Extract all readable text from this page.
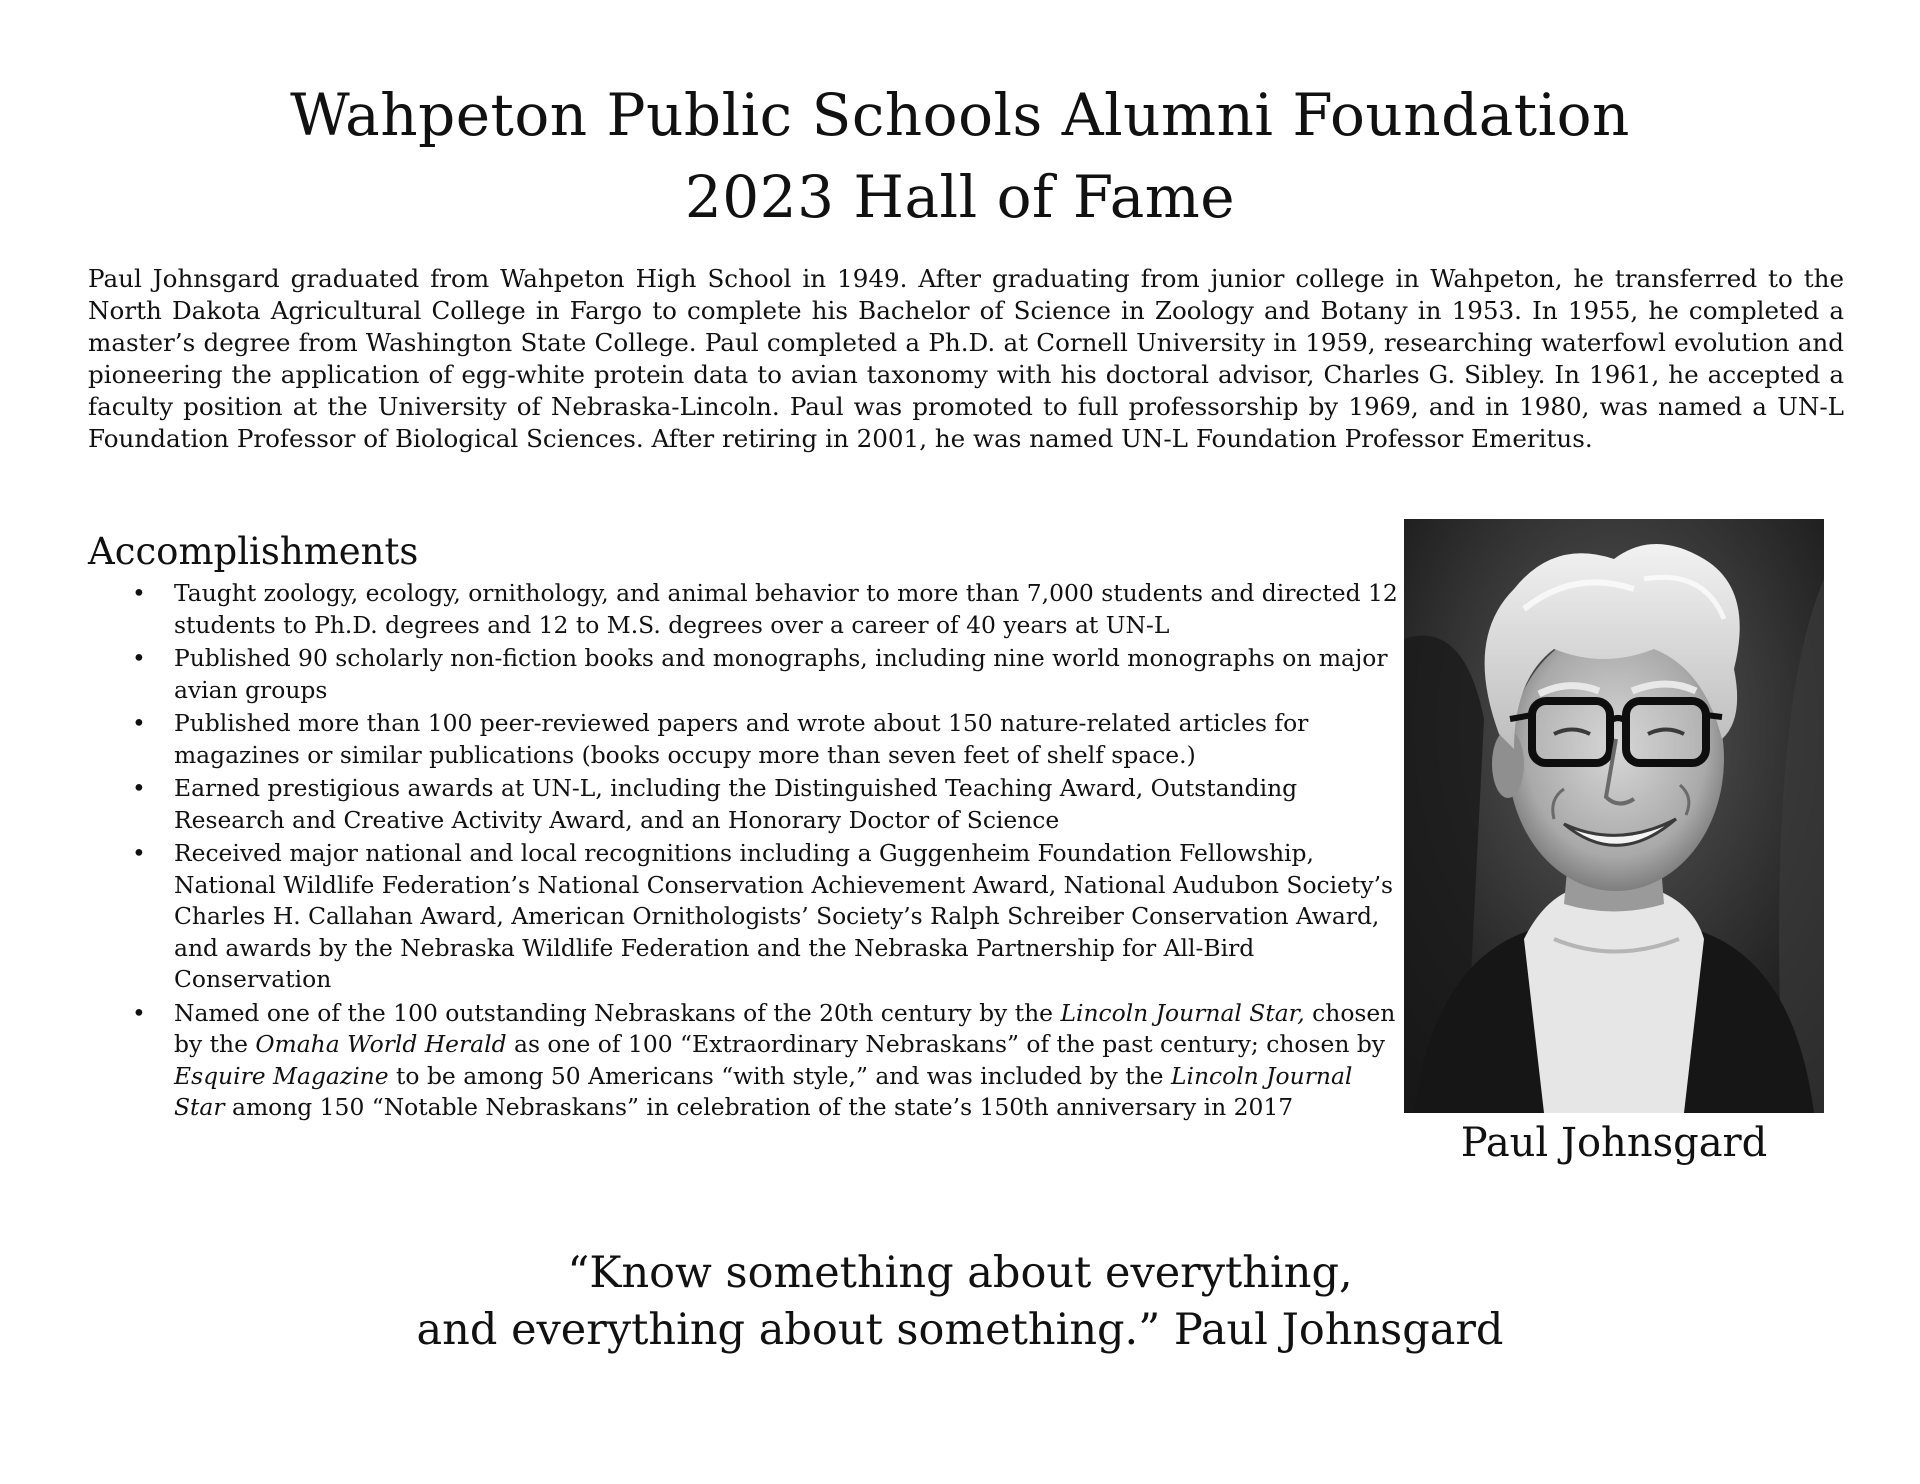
Wahpeton Public Schools Alumni Foundation
2023 Hall of Fame

Paul Johnsgard graduated from Wahpeton High School in 1949. After graduating from junior college in Wahpeton, he transferred to the North Dakota Agricultural College in Fargo to complete his Bachelor of Science in Zoology and Botany in 1953. In 1955, he completed a master’s degree from Washington State College. Paul completed a Ph.D. at Cornell University in 1959, researching waterfowl evolution and pioneering the application of egg-white protein data to avian taxonomy with his doctoral advisor, Charles G. Sibley. In 1961, he accepted a faculty position at the University of Nebraska-Lincoln. Paul was promoted to full professorship by 1969, and in 1980, was named a UN-L Foundation Professor of Biological Sciences. After retiring in 2001, he was named UN-L Foundation Professor Emeritus.

Accomplishments
• Taught zoology, ecology, ornithology, and animal behavior to more than 7,000 students and directed 12 students to Ph.D. degrees and 12 to M.S. degrees over a career of 40 years at UN-L
• Published 90 scholarly non-fiction books and monographs, including nine world monographs on major avian groups
• Published more than 100 peer-reviewed papers and wrote about 150 nature-related articles for magazines or similar publications (books occupy more than seven feet of shelf space.)
• Earned prestigious awards at UN-L, including the Distinguished Teaching Award, Outstanding Research and Creative Activity Award, and an Honorary Doctor of Science
• Received major national and local recognitions including a Guggenheim Foundation Fellowship, National Wildlife Federation’s National Conservation Achievement Award, National Audubon Society’s Charles H. Callahan Award, American Ornithologists’ Society’s Ralph Schreiber Conservation Award, and awards by the Nebraska Wildlife Federation and the Nebraska Partnership for All-Bird Conservation
• Named one of the 100 outstanding Nebraskans of the 20th century by the Lincoln Journal Star, chosen by the Omaha World Herald as one of 100 “Extraordinary Nebraskans” of the past century; chosen by Esquire Magazine to be among 50 Americans “with style,” and was included by the Lincoln Journal Star among 150 “Notable Nebraskans” in celebration of the state’s 150th anniversary in 2017

Paul Johnsgard

“Know something about everything,
and everything about something.” Paul Johnsgard
